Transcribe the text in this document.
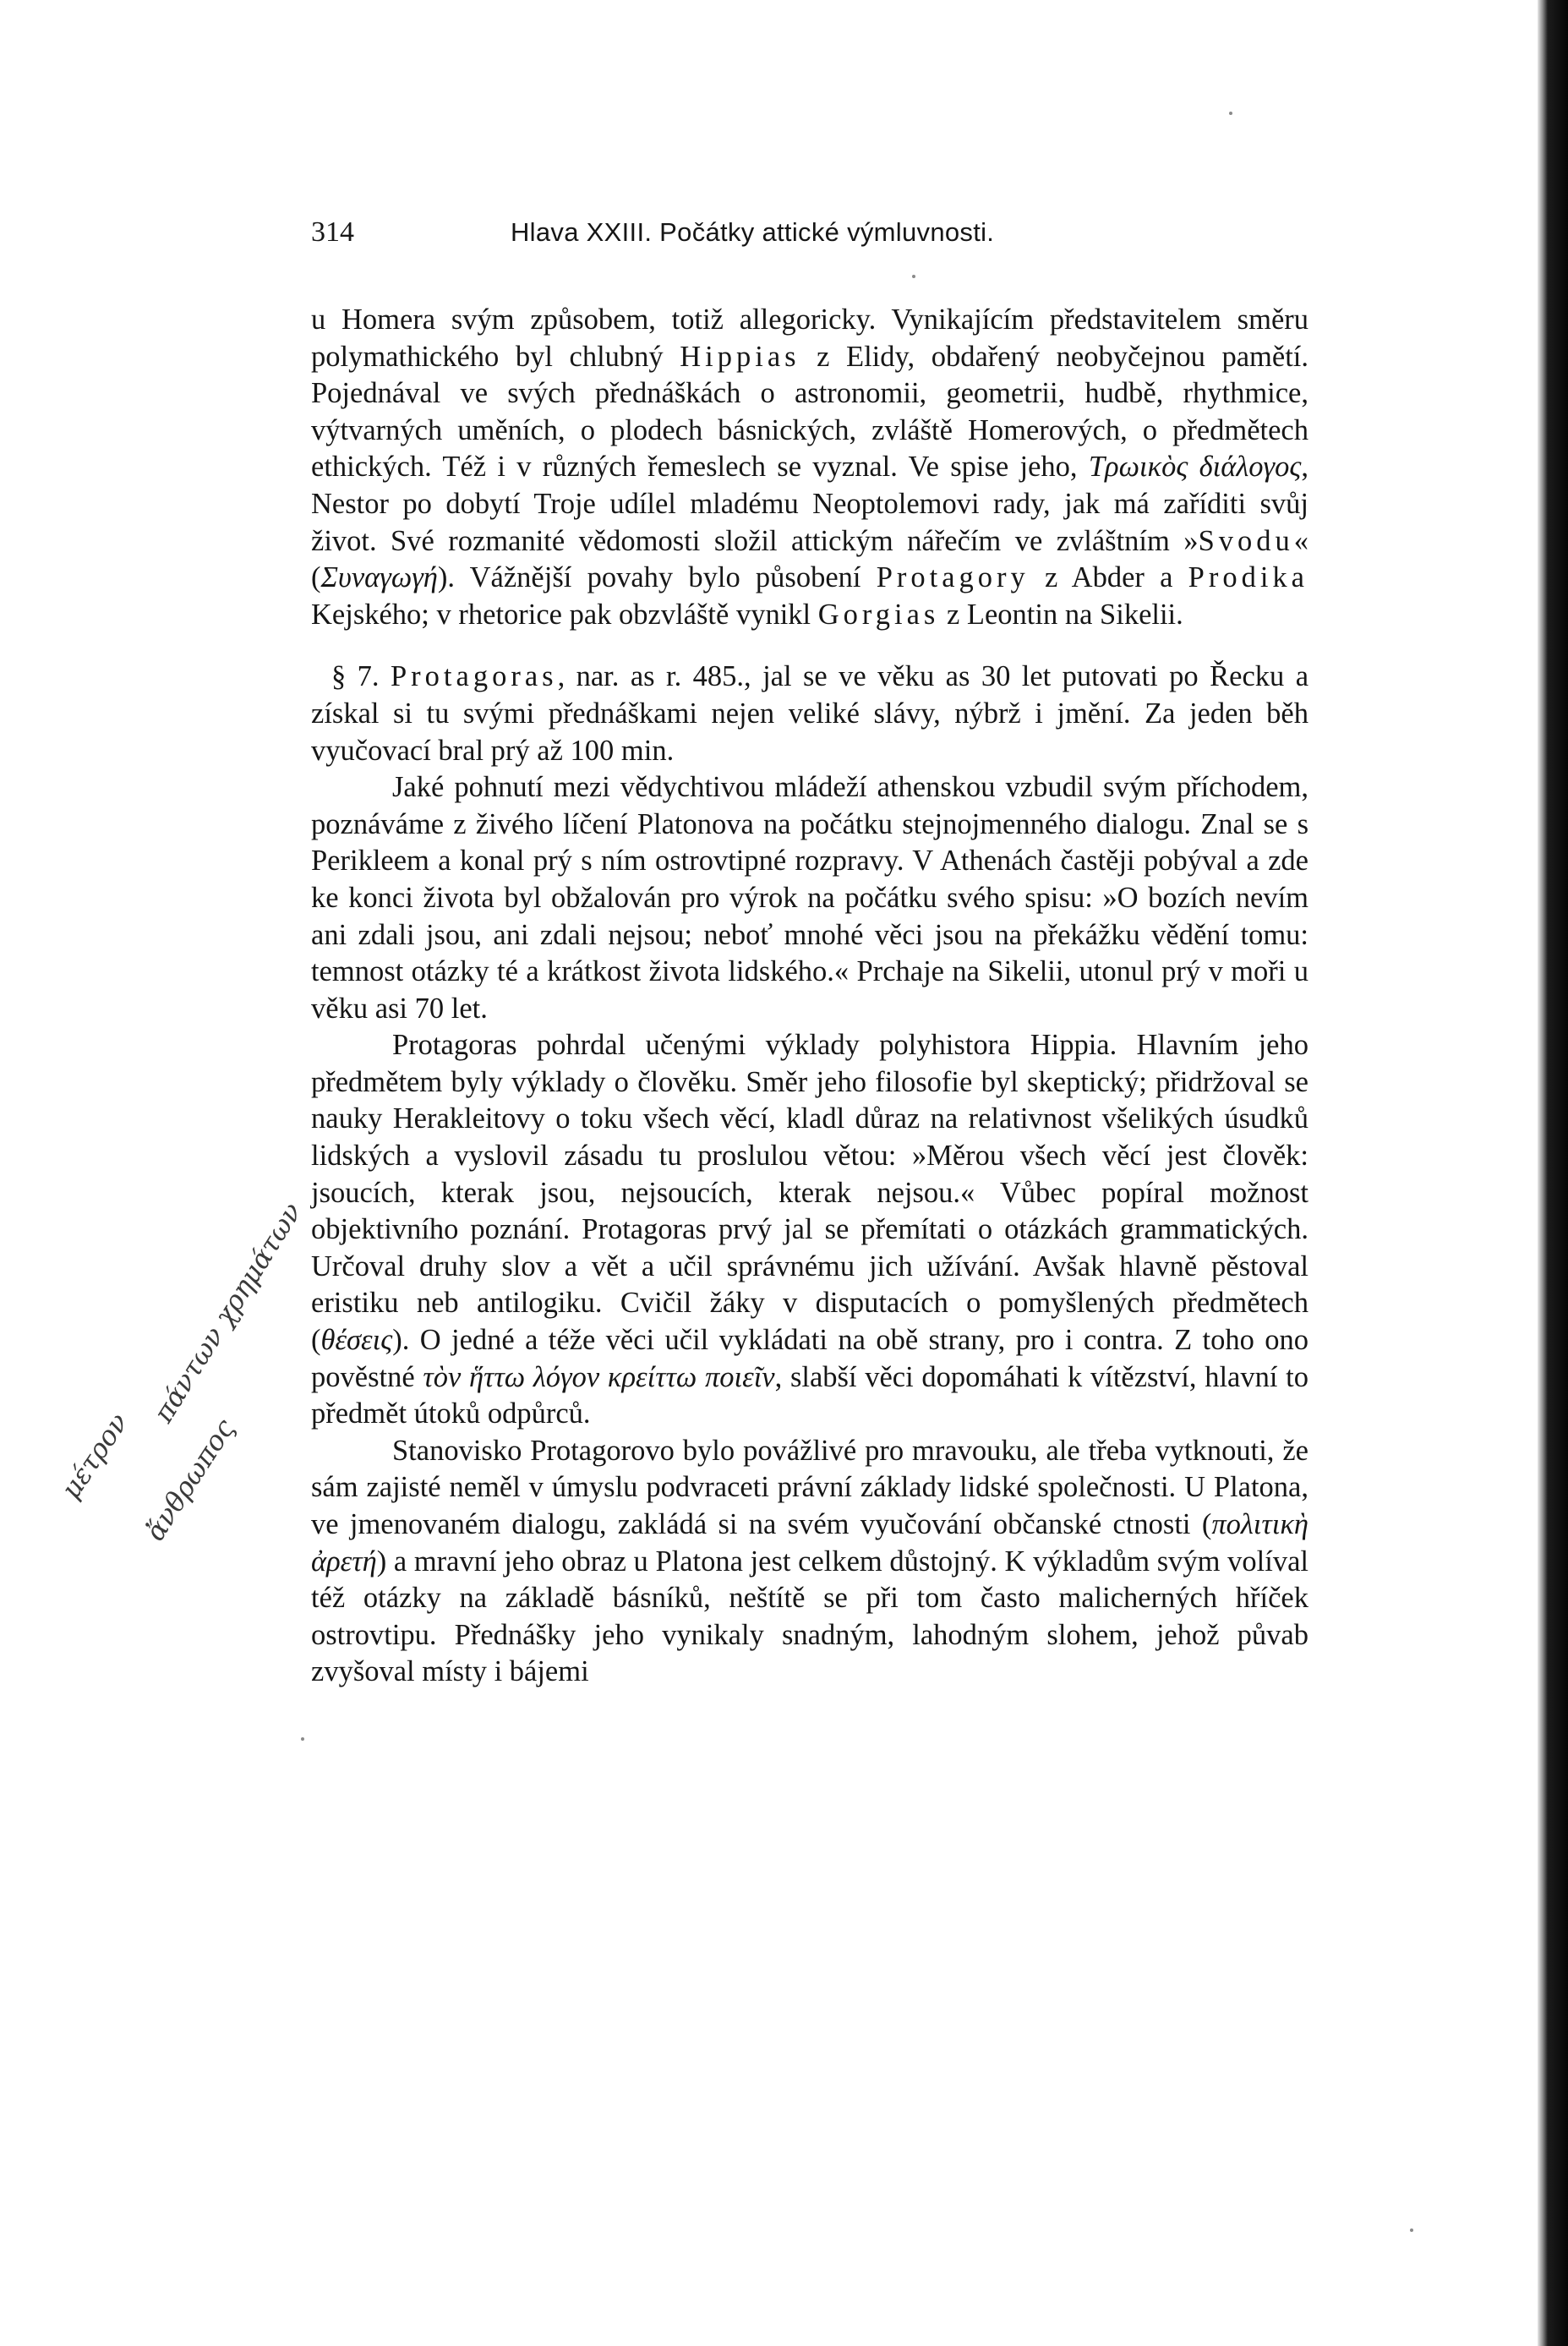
πάντων χρημάτων
μέτρον ἄνθρωπος
314	Hlava XXIII. Počátky attické výmluvnosti.

u Homera svým způsobem, totiž allegoricky. Vynikajícím představitelem směru polymathického byl chlubný Hippias z Elidy, obdařený neobyčejnou pamětí. Pojednával ve svých přednáškách o astronomii, geometrii, hudbě, rhythmice, výtvarných uměních, o plodech básnických, zvláště Homerových, o předmětech ethických. Též i v různých řemeslech se vyznal. Ve spise jeho, Τρωικὸς διάλογος, Nestor po dobytí Troje udílel mladému Neoptolemovi rady, jak má zaříditi svůj život. Své rozmanité vědomosti složil attickým nářečím ve zvláštním »Svodu« (Συναγωγή). Vážnější povahy bylo působení Protagory z Abder a Prodika Kejského; v rhetorice pak obzvláště vynikl Gorgias z Leontin na Sikelii.

§ 7. Protagoras, nar. as r. 485., jal se ve věku as 30 let putovati po Řecku a získal si tu svými přednáškami nejen veliké slávy, nýbrž i jmění. Za jeden běh vyučovací bral prý až 100 min.

Jaké pohnutí mezi vědychtivou mládeží athenskou vzbudil svým příchodem, poznáváme z živého líčení Platonova na počátku stejnojmenného dialogu. Znal se s Perikleem a konal prý s ním ostrovtipné rozpravy. V Athenách častěji pobýval a zde ke konci života byl obžalován pro výrok na počátku svého spisu: »O bozích nevím ani zdali jsou, ani zdali nejsou; neboť mnohé věci jsou na překážku vědění tomu: temnost otázky té a krátkost života lidského.« Prchaje na Sikelii, utonul prý v moři u věku asi 70 let.

Protagoras pohrdal učenými výklady polyhistora Hippia. Hlavním jeho předmětem byly výklady o člověku. Směr jeho filosofie byl skeptický; přidržoval se nauky Herakleitovy o toku všech věcí, kladl důraz na relativnost všelikých úsudků lidských a vyslovil zásadu tu proslulou větou: »Měrou všech věcí jest člověk: jsoucích, kterak jsou, nejsoucích, kterak nejsou.« Vůbec popíral možnost objektivního poznání. Protagoras prvý jal se přemítati o otázkách grammatických. Určoval druhy slov a vět a učil správnému jich užívání. Avšak hlavně pěstoval eristiku neb antilogiku. Cvičil žáky v disputacích o pomyšlených předmětech (θέσεις). O jedné a téže věci učil vykládati na obě strany, pro i contra. Z toho ono pověstné τὸν ἥττω λόγον κρείττω ποιεῖν, slabší věci dopomáhati k vítězství, hlavní to předmět útoků odpůrců.

Stanovisko Protagorovo bylo povážlivé pro mravouku, ale třeba vytknouti, že sám zajisté neměl v úmyslu podvraceti právní základy lidské společnosti. U Platona, ve jmenovaném dialogu, zakládá si na svém vyučování občanské ctnosti (πολιτικὴ ἀρετή) a mravní jeho obraz u Platona jest celkem důstojný. K výkladům svým volíval též otázky na základě básníků, neštítě se při tom často malicherných hříček ostrovtipu. Přednášky jeho vynikaly snadným, lahodným slohem, jehož půvab zvyšoval místy i bájemi
